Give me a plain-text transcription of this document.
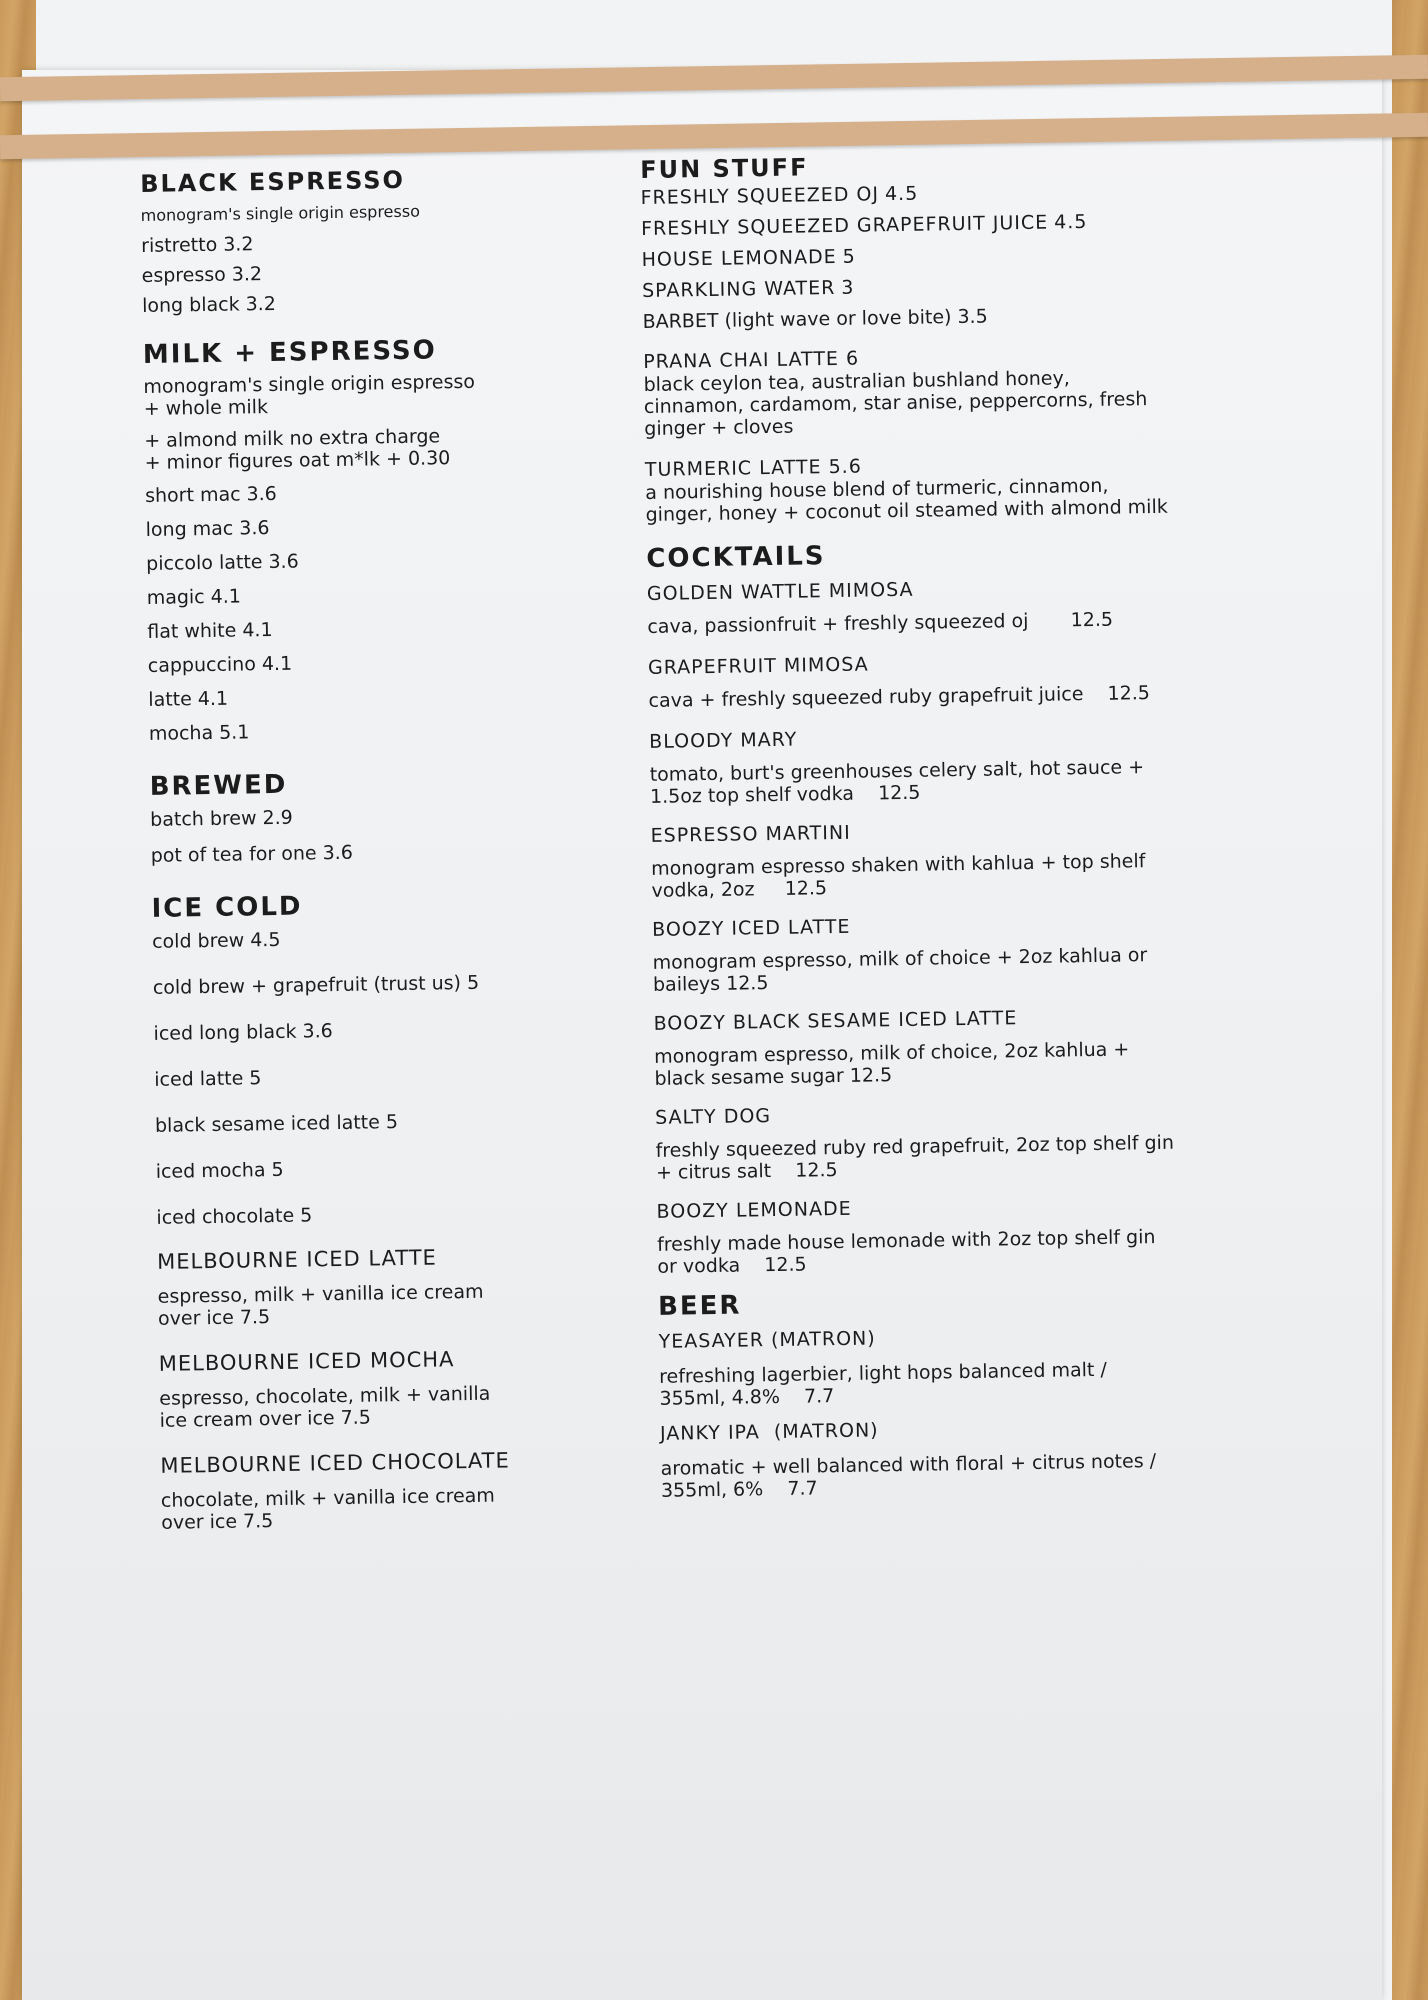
BLACK ESPRESSO
monogram's single origin espresso
ristretto 3.2
espresso 3.2
long black 3.2
MILK + ESPRESSO
monogram's single origin espresso
+ whole milk
+ almond milk no extra charge
+ minor figures oat m*lk + 0.30
short mac 3.6
long mac 3.6
piccolo latte 3.6
magic 4.1
flat white 4.1
cappuccino 4.1
latte 4.1
mocha 5.1
BREWED
batch brew 2.9
pot of tea for one 3.6
ICE COLD
cold brew 4.5
cold brew + grapefruit (trust us) 5
iced long black 3.6
iced latte 5
black sesame iced latte 5
iced mocha 5
iced chocolate 5
MELBOURNE ICED LATTE
espresso, milk + vanilla ice cream
over ice 7.5
MELBOURNE ICED MOCHA
espresso, chocolate, milk + vanilla
ice cream over ice 7.5
MELBOURNE ICED CHOCOLATE
chocolate, milk + vanilla ice cream
over ice 7.5
FUN STUFF
FRESHLY SQUEEZED OJ 4.5
FRESHLY SQUEEZED GRAPEFRUIT JUICE 4.5
HOUSE LEMONADE 5
SPARKLING WATER 3
BARBET (light wave or love bite) 3.5
PRANA CHAI LATTE 6
black ceylon tea, australian bushland honey,
cinnamon, cardamom, star anise, peppercorns, fresh
ginger + cloves
TURMERIC LATTE 5.6
a nourishing house blend of turmeric, cinnamon,
ginger, honey + coconut oil steamed with almond milk
COCKTAILS
GOLDEN WATTLE MIMOSA
cava, passionfruit + freshly squeezed oj       12.5
GRAPEFRUIT MIMOSA
cava + freshly squeezed ruby grapefruit juice    12.5
BLOODY MARY
tomato, burt's greenhouses celery salt, hot sauce +
1.5oz top shelf vodka    12.5
ESPRESSO MARTINI
monogram espresso shaken with kahlua + top shelf
vodka, 2oz     12.5
BOOZY ICED LATTE
monogram espresso, milk of choice + 2oz kahlua or
baileys 12.5
BOOZY BLACK SESAME ICED LATTE
monogram espresso, milk of choice, 2oz kahlua +
black sesame sugar 12.5
SALTY DOG
freshly squeezed ruby red grapefruit, 2oz top shelf gin
+ citrus salt    12.5
BOOZY LEMONADE
freshly made house lemonade with 2oz top shelf gin
or vodka    12.5
BEER
YEASAYER (MATRON)
refreshing lagerbier, light hops balanced malt /
355ml, 4.8%    7.7
JANKY IPA  (MATRON)
aromatic + well balanced with floral + citrus notes /
355ml, 6%    7.7
